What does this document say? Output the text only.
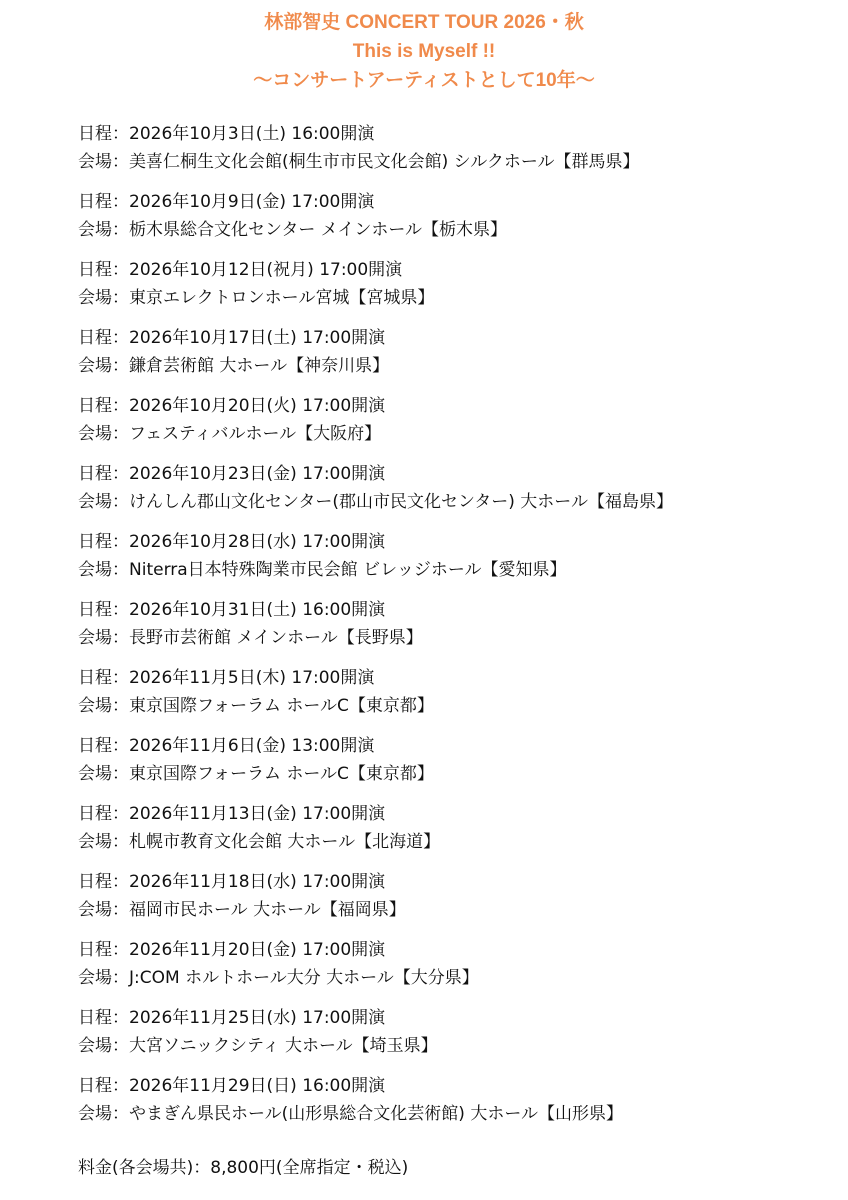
林部智史 CONCERT TOUR 2026・秋
This is Myself !!
〜コンサートアーティストとして10年〜
日程：2026年10月3日(土) 16:00開演
会場：美喜仁桐生文化会館(桐生市市民文化会館) シルクホール【群馬県】
日程：2026年10月9日(金) 17:00開演
会場：栃木県総合文化センター メインホール【栃木県】
日程：2026年10月12日(祝月) 17:00開演
会場：東京エレクトロンホール宮城【宮城県】
日程：2026年10月17日(土) 17:00開演
会場：鎌倉芸術館 大ホール【神奈川県】
日程：2026年10月20日(火) 17:00開演
会場：フェスティバルホール【大阪府】
日程：2026年10月23日(金) 17:00開演
会場：けんしん郡山文化センター(郡山市民文化センター) 大ホール【福島県】
日程：2026年10月28日(水) 17:00開演
会場：Niterra日本特殊陶業市民会館 ビレッジホール【愛知県】
日程：2026年10月31日(土) 16:00開演
会場：長野市芸術館 メインホール【長野県】
日程：2026年11月5日(木) 17:00開演
会場：東京国際フォーラム ホールC【東京都】
日程：2026年11月6日(金) 13:00開演
会場：東京国際フォーラム ホールC【東京都】
日程：2026年11月13日(金) 17:00開演
会場：札幌市教育文化会館 大ホール【北海道】
日程：2026年11月18日(水) 17:00開演
会場：福岡市民ホール 大ホール【福岡県】
日程：2026年11月20日(金) 17:00開演
会場：J:COM ホルトホール大分 大ホール【大分県】
日程：2026年11月25日(水) 17:00開演
会場：大宮ソニックシティ 大ホール【埼玉県】
日程：2026年11月29日(日) 16:00開演
会場：やまぎん県民ホール(山形県総合文化芸術館) 大ホール【山形県】
料金(各会場共)：8,800円(全席指定・税込)
